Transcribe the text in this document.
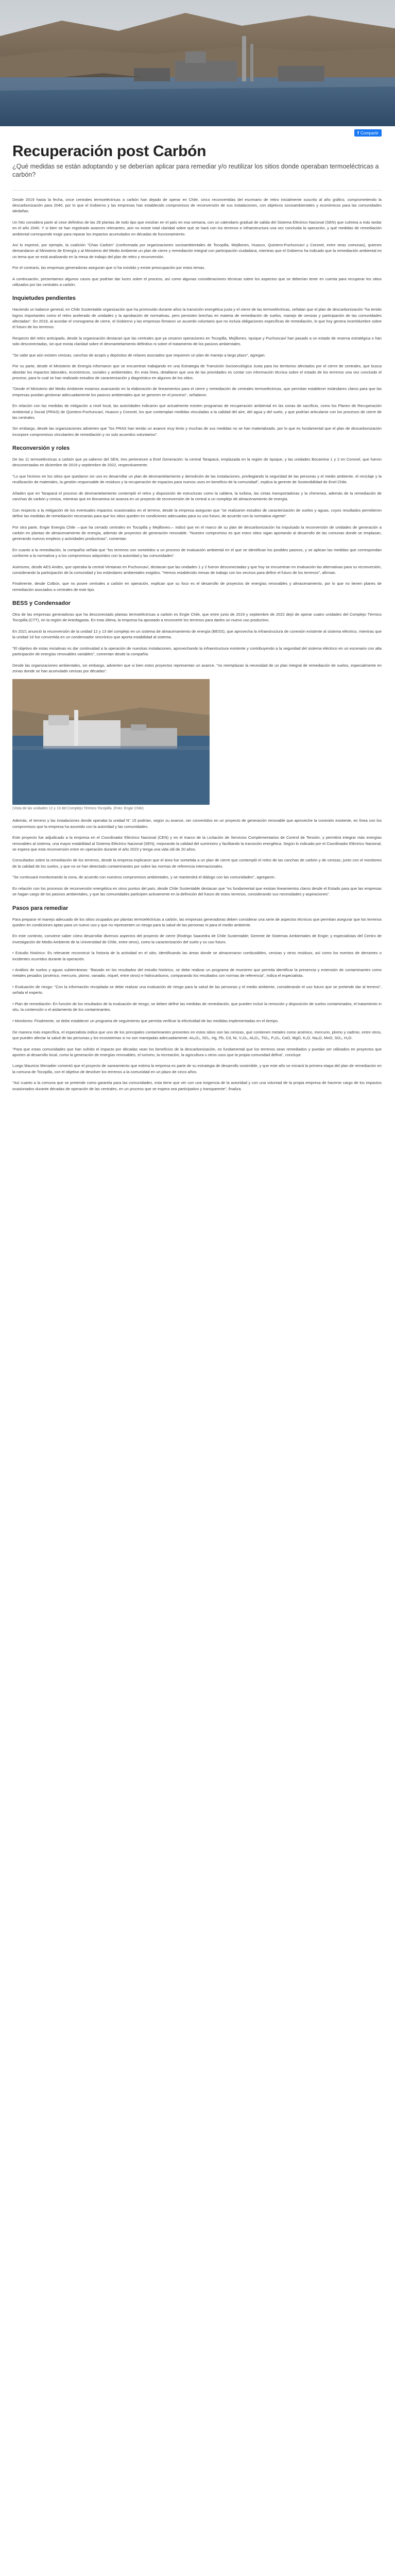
f Compartir
Recuperación post Carbón
¿Qué medidas se están adoptando y se deberían aplicar para remediar y/o reutilizar los sitios donde operaban termoeléctricas a carbón?

Desde 2019 hasta la fecha, once centrales termoeléctricas a carbón han dejado de operar en Chile, cinco reconvertidas del escenario de retiro inicialmente suscrito al año gráfico, comprometiendo la descarbonización para 2040, por lo que el Gobierno y las empresas han establecido compromisos de reconversión de sus instalaciones, con objetivos socioambientales y económicos para las comunidades aledañas.

Un hito considera parte al cese definitivo de las 28 plantas de todo tipo que existían en el país en esa semana, con un calendario gradual de salida del Sistema Eléctrico Nacional (SEN) que culmina a más tardar en el año 2040. Y si bien se han registrado avances relevantes, aún no existe total claridad sobre qué se hará con los terrenos e infraestructura una vez concluida la operación, y qué medidas de remediación ambiental corresponde exigir para reparar los impactos acumulados en décadas de funcionamiento.

Así lo expresó, por ejemplo, la coalición "Chao Carbón" (conformada por organizaciones socioambientales de Tocopilla, Mejillones, Huasco, Quintero-Puchuncaví y Coronel, entre otras comunas), quienes demandaron al Ministerio de Energía y al Ministerio del Medio Ambiente un plan de cierre y remediación integral con participación ciudadana, mientras que el Gobierno ha indicado que la remediación ambiental es un tema que se está analizando en la mesa de trabajo del plan de retiro y reconversión.

Por el contrario, las empresas generadoras aseguran que sí ha existido y existe preocupación por estos temas.

A continuación, presentamos algunos casos que podrían dar luces sobre el proceso, así como algunas consideraciones técnicas sobre los aspectos que se deberían tener en cuenta para recuperar los sitios utilizados por las centrales a carbón.

Inquietudes pendientes

Haciendo un balance general, en Chile Sustentable organización que ha promovido durante años la transición energética justa y el cierre de las termoeléctricas, señalan que el plan de descarbonización "ha tenido logros importantes como el retiro acelerado de unidades y la aprobación de normativas, pero persisten brechas en materia de remediación de suelos, manejo de cenizas y participación de las comunidades afectadas". En 2019, al acordar el cronograma de cierre, el Gobierno y las empresas firmaron un acuerdo voluntario que no incluía obligaciones específicas de remediación, lo que hoy genera incertidumbre sobre el futuro de los terrenos.

Respecto del retiro anticipado, desde la organización destacan que las centrales que ya cesaron operaciones en Tocopilla, Mejillones, Iquique y Puchuncaví han pasado a un estado de reserva estratégica o han sido desconectadas, sin que exista claridad sobre el desmantelamiento definitivo ni sobre el tratamiento de los pasivos ambientales.

"Se sabe que aún existen cenizas, canchas de acopio y depósitos de relaves asociados que requieren un plan de manejo a largo plazo", agregan.

Por su parte, desde el Ministerio de Energía informaron que se encuentran trabajando en una Estrategia de Transición Socioecológica Justa para los territorios afectados por el cierre de centrales, que busca abordar los impactos laborales, económicos, sociales y ambientales. En esta línea, detallaron que una de las prioridades es contar con información técnica sobre el estado de los terrenos una vez concluido el proceso, para lo cual se han realizado estudios de caracterización y diagnóstico en algunos de los sitios.

"Desde el Ministerio del Medio Ambiente estamos avanzando en la elaboración de lineamientos para el cierre y remediación de centrales termoeléctricas, que permitan establecer estándares claros para que las empresas puedan gestionar adecuadamente los pasivos ambientales que se generen en el proceso", señalaron.

En relación con las medidas de mitigación a nivel local, las autoridades indicaron que actualmente existen programas de recuperación ambiental en las zonas de sacrificio, como los Planes de Recuperación Ambiental y Social (PRAS) de Quintero-Puchuncaví, Huasco y Coronel, los que contemplan medidas vinculadas a la calidad del aire, del agua y del suelo, y que podrían articularse con los procesos de cierre de las centrales.

Sin embargo, desde las organizaciones advierten que "los PRAS han tenido un avance muy lento y muchas de sus medidas no se han materializado, por lo que es fundamental que el plan de descarbonización incorpore compromisos vinculantes de remediación y no solo acuerdos voluntarios".

Reconversión y roles

De las 11 termoeléctricas a carbón que ya salieron del SEN, tres pertenecen a Enel Generación: la central Tarapacá, emplazada en la región de Iquique, y las unidades Bocamina 1 y 2 en Coronel, que fueron desconectadas en diciembre de 2019 y septiembre de 2022, respectivamente.

"Lo que hicimos en los sitios que quedaron sin uso es desarrollar un plan de desmantelamiento y demolición de las instalaciones, privilegiando la seguridad de las personas y el medio ambiente, el reciclaje y la reutilización de materiales, la gestión responsable de residuos y la recuperación de espacios para nuevos usos en beneficio de la comunidad", explica la gerente de Sostenibilidad de Enel Chile.

Añaden que en Tarapacá el proceso de desmantelamiento contempló el retiro y disposición de estructuras como la caldera, la turbina, las cintas transportadoras y la chimenea, además de la remediación de canchas de carbón y ceniza, mientras que en Bocamina se avanza en un proyecto de reconversión de la central a un complejo de almacenamiento de energía.

Con respecto a la mitigación de los eventuales impactos ocasionados en el terreno, desde la empresa aseguran que "se realizaron estudios de caracterización de suelos y aguas, cuyos resultados permitieron definir las medidas de remediación necesarias para que los sitios queden en condiciones adecuadas para su uso futuro, de acuerdo con la normativa vigente".

Por otra parte, Engie Energía Chile —que ha cerrado centrales en Tocopilla y Mejillones— indicó que en el marco de su plan de descarbonización ha impulsado la reconversión de unidades de generación a carbón en plantas de almacenamiento de energía, además de proyectos de generación renovable. "Nuestro compromiso es que estos sitios sigan aportando al desarrollo de las comunas donde se emplazan, generando nuevos empleos y actividades productivas", comentan.

En cuanto a la remediación, la compañía señala que "los terrenos son sometidos a un proceso de evaluación ambiental en el que se identifican los posibles pasivos, y se aplican las medidas que correspondan conforme a la normativa y a los compromisos adquiridos con la autoridad y las comunidades".

Asimismo, desde AES Andes, que operaba la central Ventanas en Puchuncaví, destacan que las unidades 1 y 2 fueron desconectadas y que hoy se encuentran en evaluación las alternativas para su reconversión, considerando la participación de la comunidad y los estándares ambientales exigidos. "Hemos establecido mesas de trabajo con los vecinos para definir el futuro de los terrenos", afirman.

Finalmente, desde Colbún, que no posee centrales a carbón en operación, explican que su foco es el desarrollo de proyectos de energías renovables y almacenamiento, por lo que no tienen planes de remediación asociados a centrales de este tipo.

BESS y Condensador

Otra de las empresas generadoras que ha desconectado plantas termoeléctricas a carbón es Engie Chile, que entre junio de 2019 y septiembre de 2022 dejó de operar cuatro unidades del Complejo Térmico Tocopilla (CTT), en la región de Antofagasta. En esta última, la empresa ha apostado a reconvertir los terrenos para darles un nuevo uso productivo.

En 2021 anunció la reconversión de la unidad 12 y 13 del complejo en un sistema de almacenamiento de energía (BESS), que aprovecha la infraestructura de conexión existente al sistema eléctrico, mientras que la unidad 16 fue convertida en un condensador sincrónico que aporta estabilidad al sistema.

"El objetivo de estas iniciativas es dar continuidad a la operación de nuestras instalaciones, aprovechando la infraestructura existente y contribuyendo a la seguridad del sistema eléctrico en un escenario con alta participación de energías renovables variables", comentan desde la compañía.

Desde las organizaciones ambientales, sin embargo, advierten que si bien estos proyectos representan un avance, "no reemplazan la necesidad de un plan integral de remediación de suelos, especialmente en zonas donde se han acumulado cenizas por décadas".

(Vista de las unidades 12 y 13 del Complejo Térmico Tocopilla. (Foto: Engie Chile)

Además, el terreno y las instalaciones donde operaba la unidad N° 15 podrían, según su avance, ser convertidos en un proyecto de generación renovable que aproveche la conexión existente, en línea con los compromisos que la empresa ha asumido con la autoridad y las comunidades.

Este proyecto fue adjudicado a la empresa en el Coordinador Eléctrico Nacional (CEN) y en el marco de la Licitación de Servicios Complementarios de Control de Tensión, y permitirá integrar más energías renovables al sistema, una mayor estabilidad al Sistema Eléctrico Nacional (SEN), mejorando la calidad del suministro y facilitando la transición energética. Según lo indicado por el Coordinador Eléctrico Nacional, se espera que esta reconversión entre en operación durante el año 2023 y tenga una vida útil de 20 años.

Consultados sobre la remediación de los terrenos, desde la empresa explicaron que el área fue sometida a un plan de cierre que contempló el retiro de las canchas de carbón y de cenizas, junto con el monitoreo de la calidad de los suelos, y que no se han detectado contaminantes por sobre las normas de referencia internacionales.

"Se continuará monitoreando la zona, de acuerdo con nuestros compromisos ambientales, y se mantendrá el diálogo con las comunidades", agregaron.

En relación con los procesos de reconversión energética en otros puntos del país, desde Chile Sustentable destacan que "es fundamental que existan lineamientos claros desde el Estado para que las empresas se hagan cargo de los pasivos ambientales, y que las comunidades participen activamente en la definición del futuro de estos terrenos, considerando sus necesidades y aspiraciones".

Pasos para remediar

Para preparar el manejo adecuado de los sitios ocupados por plantas termoeléctricas a carbón, las empresas generadoras deben considerar una serie de aspectos técnicos que permitan asegurar que los terrenos queden en condiciones aptas para un nuevo uso y que no representen un riesgo para la salud de las personas ni para el medio ambiente.

En este contexto, conviene saber cómo desarrollar diversos aspectos del proyecto de cierre (Rodrigo Saavedra de Chile Sustentable; Gerente de Sistemas Ambientales de Engie; y especialistas del Centro de Investigación de Medio Ambiente de la Universidad de Chile, entre otros), como la caracterización del suelo y su uso futuro.

• Estudio histórico: Es relevante reconstruir la historia de la actividad en el sitio, identificando las áreas donde se almacenaron combustibles, cenizas y otros residuos, así como los eventos de derrames o incidentes ocurridos durante la operación.

• Análisis de suelos y aguas subterráneas: "Basado en los resultados del estudio histórico, se debe realizar un programa de muestreo que permita identificar la presencia y extensión de contaminantes como metales pesados (arsénico, mercurio, plomo, vanadio, níquel, entre otros) e hidrocarburos, comparando los resultados con normas de referencia", indica el especialista.

• Evaluación de riesgo: "Con la información recopilada se debe realizar una evaluación de riesgo para la salud de las personas y el medio ambiente, considerando el uso futuro que se pretende dar al terreno", señala el experto.

• Plan de remediación: En función de los resultados de la evaluación de riesgo, se deben definir las medidas de remediación, que pueden incluir la remoción y disposición de suelos contaminados, el tratamiento in situ, la contención o el aislamiento de los contaminantes.

• Monitoreo: Finalmente, se debe establecer un programa de seguimiento que permita verificar la efectividad de las medidas implementadas en el tiempo.

De manera más específica, el especialista indica que uno de los principales contaminantes presentes en estos sitios son las cenizas, que contienen metales como arsénico, mercurio, plomo y cadmio, entre otros, que pueden afectar la salud de las personas y los ecosistemas si no son manejadas adecuadamente: As₂O₃, SO₄, Hg, Pb, Cd, Ni, V₂O₅, Al₂O₃, TiO₂, P₂O₅, CaO, MgO, K₂O, Na₂O, MnO, SO₃, H₂O.

"Para que estas comunidades que han sufrido el impacto por décadas vean los beneficios de la descarbonización, es fundamental que los terrenos sean remediados y puedan ser utilizados en proyectos que aporten al desarrollo local, como la generación de energías renovables, el turismo, la recreación, la agricultura u otros usos que la propia comunidad defina", concluye.

Luego Mauricio Menadier comentó que el proyecto de saneamiento que estima la empresa es parte de su estrategia de desarrollo sostenible, y que este año se iniciará la primera etapa del plan de remediación en la comuna de Tocopilla, con el objetivo de devolver los terrenos a la comunidad en un plazo de cinco años.

"Así cuanto a la comuna que se pretende como garantía para las comunidades, esta tiene que ver con una exigencia de la autoridad y con una voluntad de la propia empresa de hacerse cargo de los impactos ocasionados durante décadas de operación de las centrales, en un proceso que se espera sea participativo y transparente", finaliza.
